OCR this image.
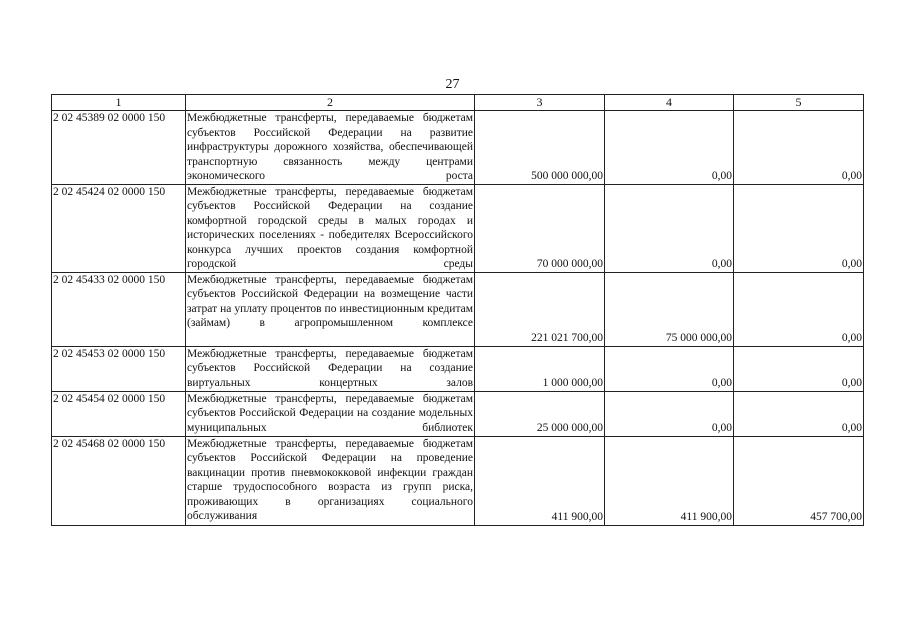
27
1	2	3	4	5
2 02 45389 02 0000 150	Межбюджетные трансферты, передаваемые бюджетам субъектов Российской Федерации на развитие инфраструктуры дорожного хозяйства, обеспечивающей транспортную связанность между центрами экономического роста	500 000 000,00	0,00	0,00
2 02 45424 02 0000 150	Межбюджетные трансферты, передаваемые бюджетам субъектов Российской Федерации на создание комфортной городской среды в малых городах и исторических поселениях - победителях Всероссийского конкурса лучших проектов создания комфортной городской среды	70 000 000,00	0,00	0,00
2 02 45433 02 0000 150	Межбюджетные трансферты, передаваемые бюджетам субъектов Российской Федерации на возмещение части затрат на уплату процентов по инвестиционным кредитам (займам) в агропромышленном комплексе	221 021 700,00	75 000 000,00	0,00
2 02 45453 02 0000 150	Межбюджетные трансферты, передаваемые бюджетам субъектов Российской Федерации на создание виртуальных концертных залов	1 000 000,00	0,00	0,00
2 02 45454 02 0000 150	Межбюджетные трансферты, передаваемые бюджетам субъектов Российской Федерации на создание модельных муниципальных библиотек	25 000 000,00	0,00	0,00
2 02 45468 02 0000 150	Межбюджетные трансферты, передаваемые бюджетам субъектов Российской Федерации на проведение вакцинации против пневмококковой инфекции граждан старше трудоспособного возраста из групп риска, проживающих в организациях социального обслуживания	411 900,00	411 900,00	457 700,00
